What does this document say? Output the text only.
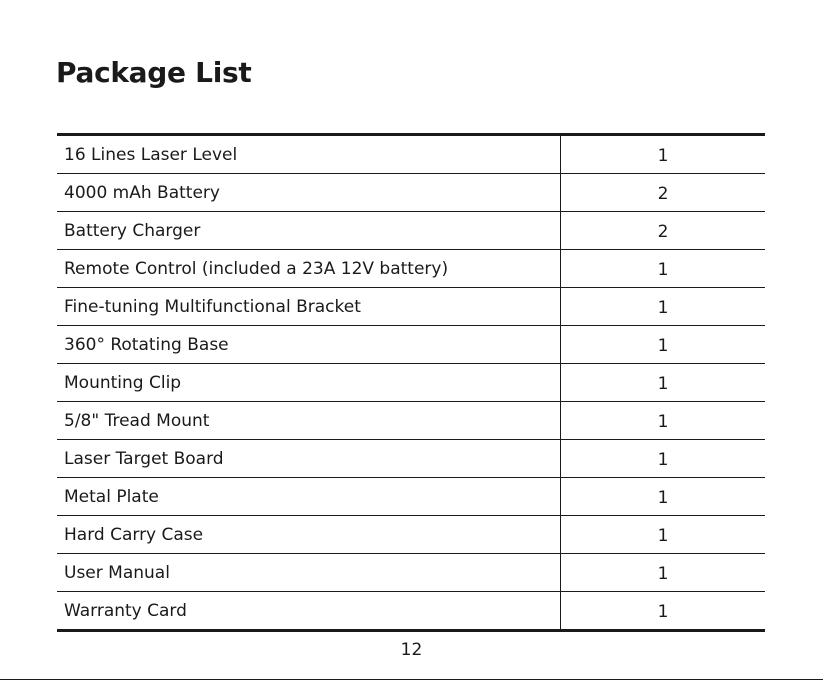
Package List
16 Lines Laser Level	1
4000 mAh Battery	2
Battery Charger	2
Remote Control (included a 23A 12V battery)	1
Fine-tuning Multifunctional Bracket	1
360° Rotating Base	1
Mounting Clip	1
5/8" Tread Mount	1
Laser Target Board	1
Metal Plate	1
Hard Carry Case	1
User Manual	1
Warranty Card	1
12
